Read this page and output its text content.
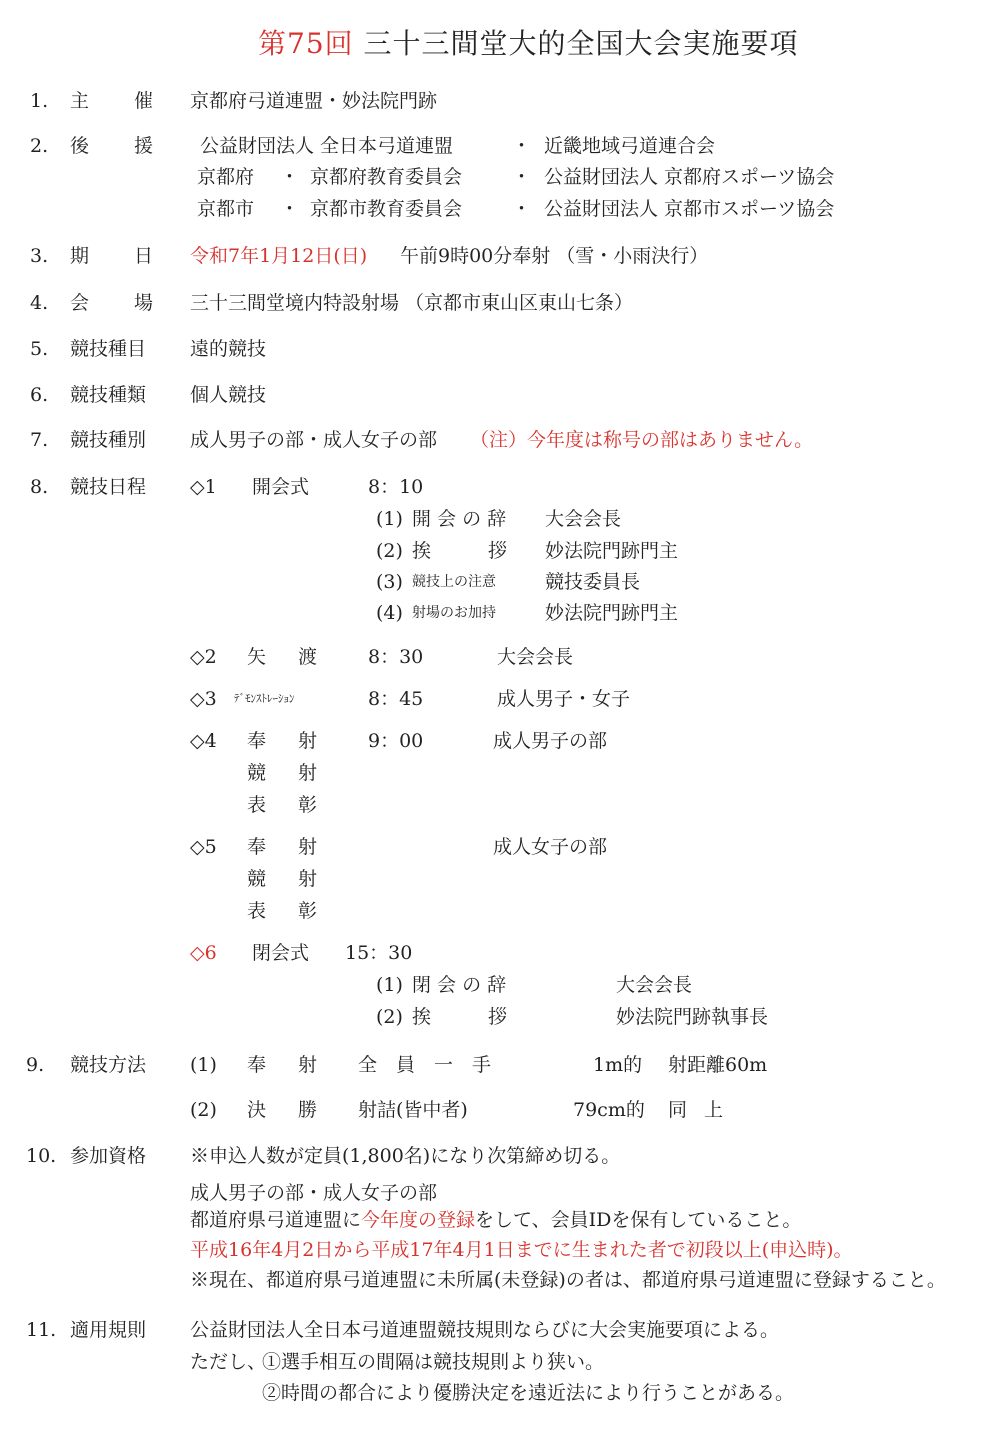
第75回 三十三間堂大的全国大会実施要項
1. 主 催 京都府弓道連盟・妙法院門跡
2. 後 援 公益財団法人 全日本弓道連盟	・ 近畿地域弓道連合会
京都府 ・ 京都府教育委員会	・ 公益財団法人 京都府スポーツ協会
京都市 ・ 京都市教育委員会	・ 公益財団法人 京都市スポーツ協会
3. 期 日 令和7年1月12日(日) 午前9時00分奉射 （雪・小雨決行）
4. 会 場 三十三間堂境内特設射場 （京都市東山区東山七条）
5. 競技種目 遠的競技
6. 競技種類 個人競技
7. 競技種別 成人男子の部・成人女子の部 （注）今年度は称号の部はありません。
8. 競技日程 ◇1 開会式	8：10
(1) 開 会 の 辞 大会会長
(2) 挨　　　拶 妙法院門跡門主
(3) 競技上の注意	競技委員長
(4) 射場のお加持	妙法院門跡門主
◇2 矢 渡	8：30	大会会長
◇3 ﾃﾞﾓﾝｽﾄﾚｰｼｮﾝ	8：45	成人男子・女子
◇4 奉 射	9：00	成人男子の部
競 射
表 彰
◇5 奉 射	成人女子の部
競 射
表 彰
◇6 閉会式 15：30
(1) 閉 会 の 辞	大会会長
(2) 挨　　　拶	妙法院門跡執事長
9. 競技方法 (1) 奉 射 全　員　一　手	1m的 射距離60m
(2) 決 勝 射詰(皆中者)	79cm的 同 上
10. 参加資格 ※申込人数が定員(1,800名)になり次第締め切る。
成人男子の部・成人女子の部
都道府県弓道連盟に今年度の登録をして、会員IDを保有していること。
平成16年4月2日から平成17年4月1日までに生まれた者で初段以上(申込時)。
※現在、都道府県弓道連盟に未所属(未登録)の者は、都道府県弓道連盟に登録すること。
11. 適用規則 公益財団法人全日本弓道連盟競技規則ならびに大会実施要項による。
ただし、
①選手相互の間隔は競技規則より狭い。
②時間の都合により優勝決定を遠近法により行うことがある。
